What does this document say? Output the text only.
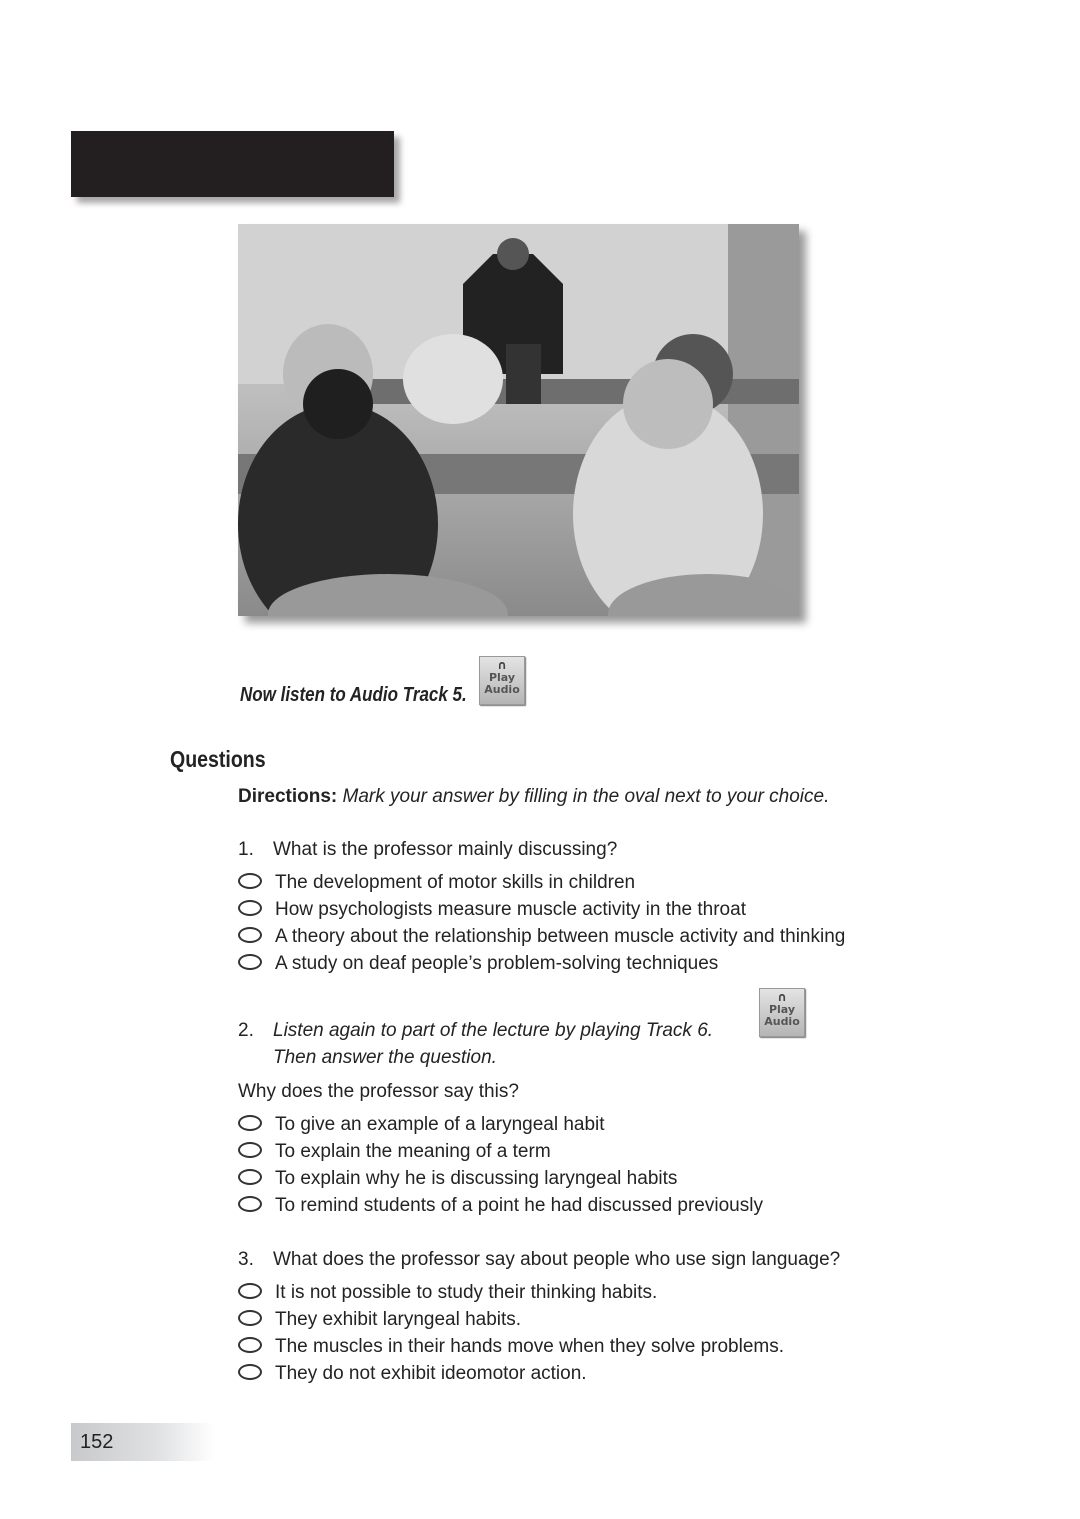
Now listen to Audio Track 5.
∩
Play
Audio
Questions
Directions: Mark your answer by filling in the oval next to your choice.
1. What is the professor mainly discussing?
The development of motor skills in children
How psychologists measure muscle activity in the throat
A theory about the relationship between muscle activity and thinking
A study on deaf people’s problem-solving techniques
2. Listen again to part of the lecture by playing Track 6.
Then answer the question.
∩
Play
Audio
Why does the professor say this?
To give an example of a laryngeal habit
To explain the meaning of a term
To explain why he is discussing laryngeal habits
To remind students of a point he had discussed previously
3. What does the professor say about people who use sign language?
It is not possible to study their thinking habits.
They exhibit laryngeal habits.
The muscles in their hands move when they solve problems.
They do not exhibit ideomotor action.
152
